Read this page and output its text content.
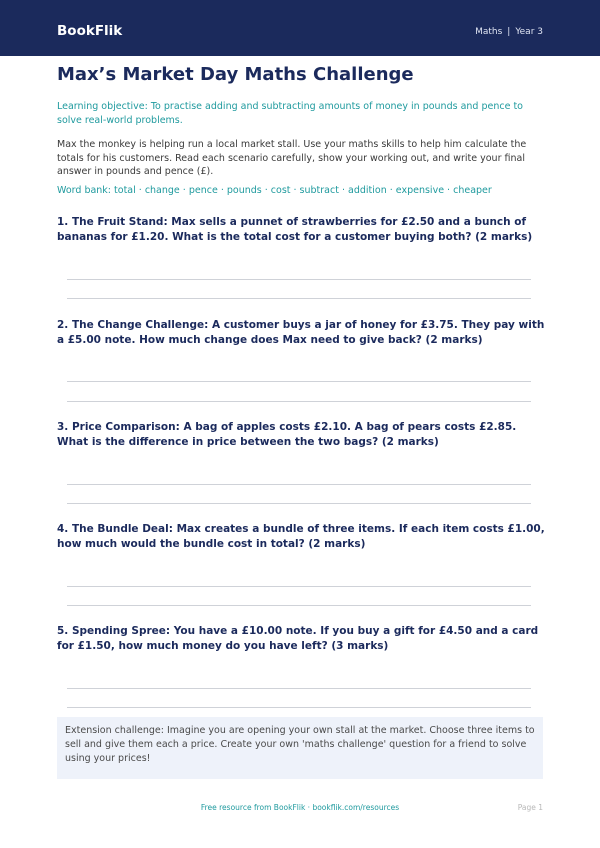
BookFlik	Maths | Year 3
Max’s Market Day Maths Challenge
Learning objective: To practise adding and subtracting amounts of money in pounds and pence to solve real-world problems.
Max the monkey is helping run a local market stall. Use your maths skills to help him calculate the totals for his customers. Read each scenario carefully, show your working out, and write your final answer in pounds and pence (£).
Word bank: total · change · pence · pounds · cost · subtract · addition · expensive · cheaper
1. The Fruit Stand: Max sells a punnet of strawberries for £2.50 and a bunch of bananas for £1.20. What is the total cost for a customer buying both? (2 marks)
2. The Change Challenge: A customer buys a jar of honey for £3.75. They pay with a £5.00 note. How much change does Max need to give back? (2 marks)
3. Price Comparison: A bag of apples costs £2.10. A bag of pears costs £2.85. What is the difference in price between the two bags? (2 marks)
4. The Bundle Deal: Max creates a bundle of three items. If each item costs £1.00, how much would the bundle cost in total? (2 marks)
5. Spending Spree: You have a £10.00 note. If you buy a gift for £4.50 and a card for £1.50, how much money do you have left? (3 marks)
Extension challenge: Imagine you are opening your own stall at the market. Choose three items to sell and give them each a price. Create your own 'maths challenge' question for a friend to solve using your prices!
Free resource from BookFlik · bookflik.com/resources	Page 1
